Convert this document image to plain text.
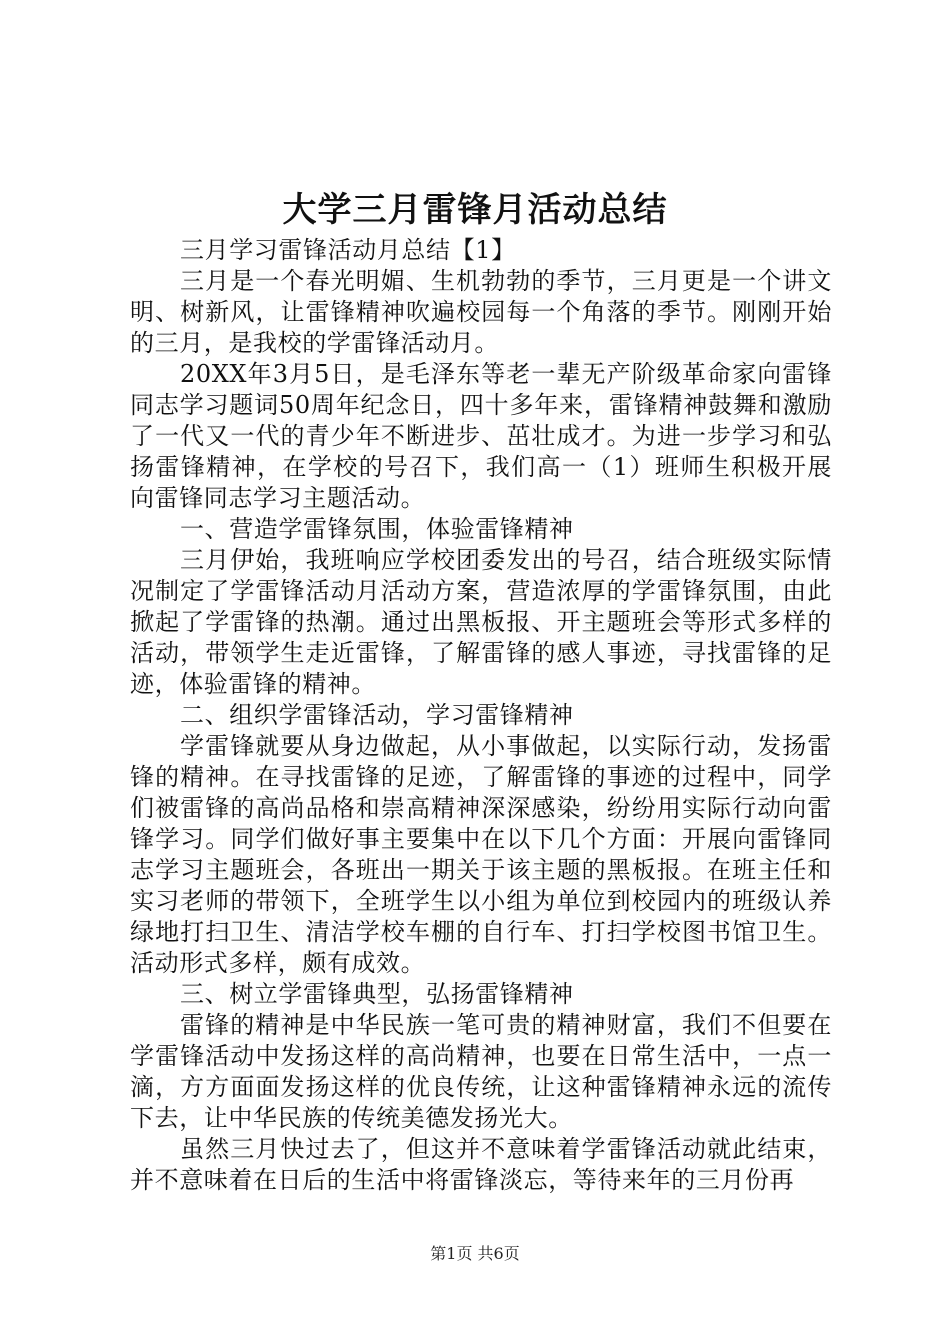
大学三月雷锋月活动总结

三月学习雷锋活动月总结【1】

三月是一个春光明媚、生机勃勃的季节，三月更是一个讲文明、树新风，让雷锋精神吹遍校园每一个角落的季节。刚刚开始的三月，是我校的学雷锋活动月。

20XX年3月5日，是毛泽东等老一辈无产阶级革命家向雷锋同志学习题词50周年纪念日，四十多年来，雷锋精神鼓舞和激励了一代又一代的青少年不断进步、茁壮成才。为进一步学习和弘扬雷锋精神，在学校的号召下，我们高一（1）班师生积极开展向雷锋同志学习主题活动。

一、营造学雷锋氛围，体验雷锋精神

三月伊始，我班响应学校团委发出的号召，结合班级实际情况制定了学雷锋活动月活动方案，营造浓厚的学雷锋氛围，由此掀起了学雷锋的热潮。通过出黑板报、开主题班会等形式多样的活动，带领学生走近雷锋，了解雷锋的感人事迹，寻找雷锋的足迹，体验雷锋的精神。

二、组织学雷锋活动，学习雷锋精神

学雷锋就要从身边做起，从小事做起，以实际行动，发扬雷锋的精神。在寻找雷锋的足迹，了解雷锋的事迹的过程中，同学们被雷锋的高尚品格和崇高精神深深感染，纷纷用实际行动向雷锋学习。同学们做好事主要集中在以下几个方面：开展向雷锋同志学习主题班会，各班出一期关于该主题的黑板报。在班主任和实习老师的带领下，全班学生以小组为单位到校园内的班级认养绿地打扫卫生、清洁学校车棚的自行车、打扫学校图书馆卫生。活动形式多样，颇有成效。

三、树立学雷锋典型，弘扬雷锋精神

雷锋的精神是中华民族一笔可贵的精神财富，我们不但要在学雷锋活动中发扬这样的高尚精神，也要在日常生活中，一点一滴，方方面面发扬这样的优良传统，让这种雷锋精神永远的流传下去，让中华民族的传统美德发扬光大。

虽然三月快过去了，但这并不意味着学雷锋活动就此结束，并不意味着在日后的生活中将雷锋淡忘，等待来年的三月份再

第1页 共6页
